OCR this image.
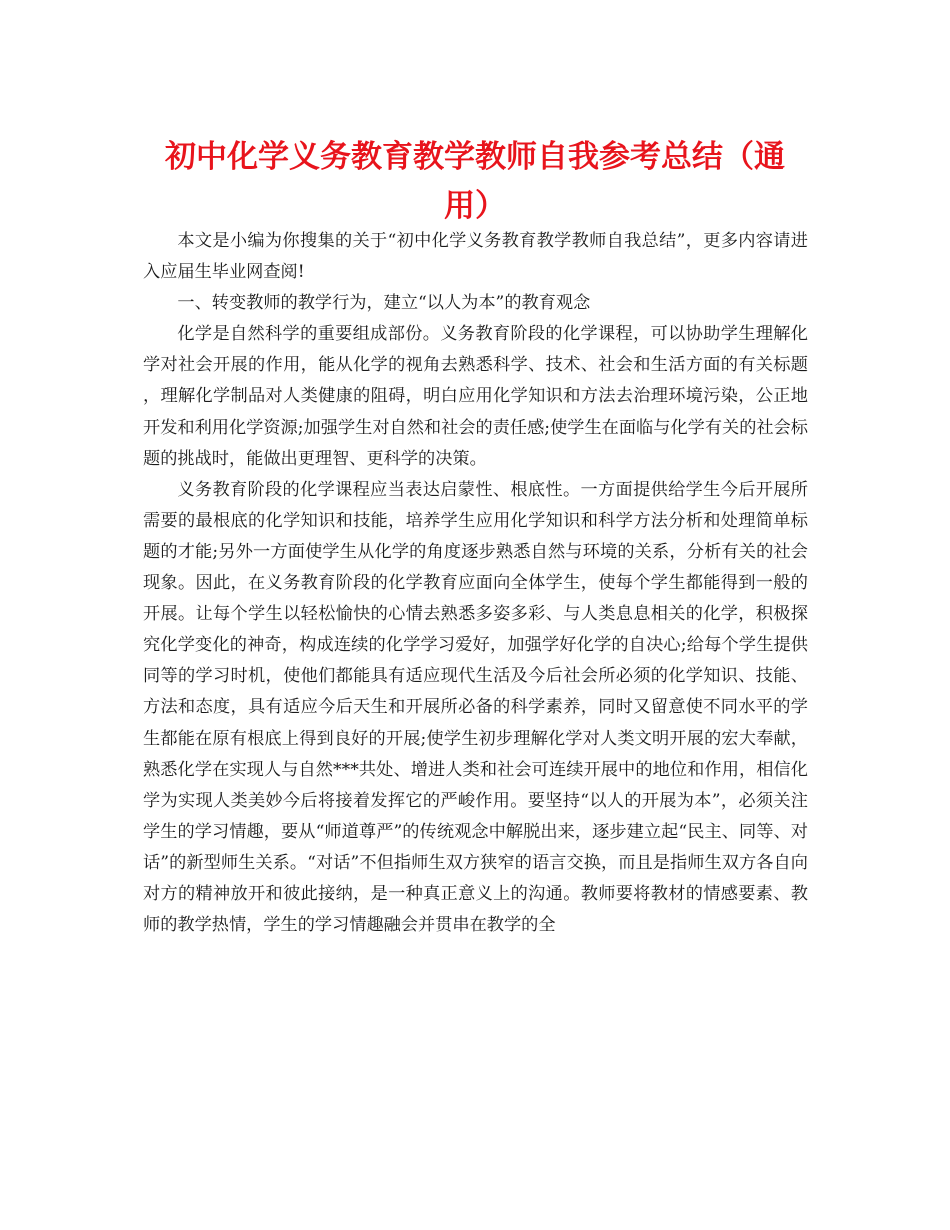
初中化学义务教育教学教师自我参考总结（通用）

本文是小编为你搜集的关于“初中化学义务教育教学教师自我总结”，更多内容请进入应届生毕业网查阅!

一、转变教师的教学行为，建立“以人为本”的教育观念

化学是自然科学的重要组成部份。义务教育阶段的化学课程，可以协助学生理解化学对社会开展的作用，能从化学的视角去熟悉科学、技术、社会和生活方面的有关标题，理解化学制品对人类健康的阻碍，明白应用化学知识和方法去治理环境污染，公正地开发和利用化学资源;加强学生对自然和社会的责任感;使学生在面临与化学有关的社会标题的挑战时，能做出更理智、更科学的决策。

义务教育阶段的化学课程应当表达启蒙性、根底性。一方面提供给学生今后开展所需要的最根底的化学知识和技能，培养学生应用化学知识和科学方法分析和处理简单标题的才能;另外一方面使学生从化学的角度逐步熟悉自然与环境的关系，分析有关的社会现象。因此，在义务教育阶段的化学教育应面向全体学生，使每个学生都能得到一般的开展。让每个学生以轻松愉快的心情去熟悉多姿多彩、与人类息息相关的化学，积极探究化学变化的神奇，构成连续的化学学习爱好，加强学好化学的自决心;给每个学生提供同等的学习时机，使他们都能具有适应现代生活及今后社会所必须的化学知识、技能、方法和态度，具有适应今后天生和开展所必备的科学素养，同时又留意使不同水平的学生都能在原有根底上得到良好的开展;使学生初步理解化学对人类文明开展的宏大奉献，熟悉化学在实现人与自然***共处、增进人类和社会可连续开展中的地位和作用，相信化学为实现人类美妙今后将接着发挥它的严峻作用。要坚持“以人的开展为本”，必须关注学生的学习情趣，要从“师道尊严”的传统观念中解脱出来，逐步建立起“民主、同等、对话”的新型师生关系。“对话”不但指师生双方狭窄的语言交换，而且是指师生双方各自向对方的精神放开和彼此接纳，是一种真正意义上的沟通。教师要将教材的情感要素、教师的教学热情，学生的学习情趣融会并贯串在教学的全
